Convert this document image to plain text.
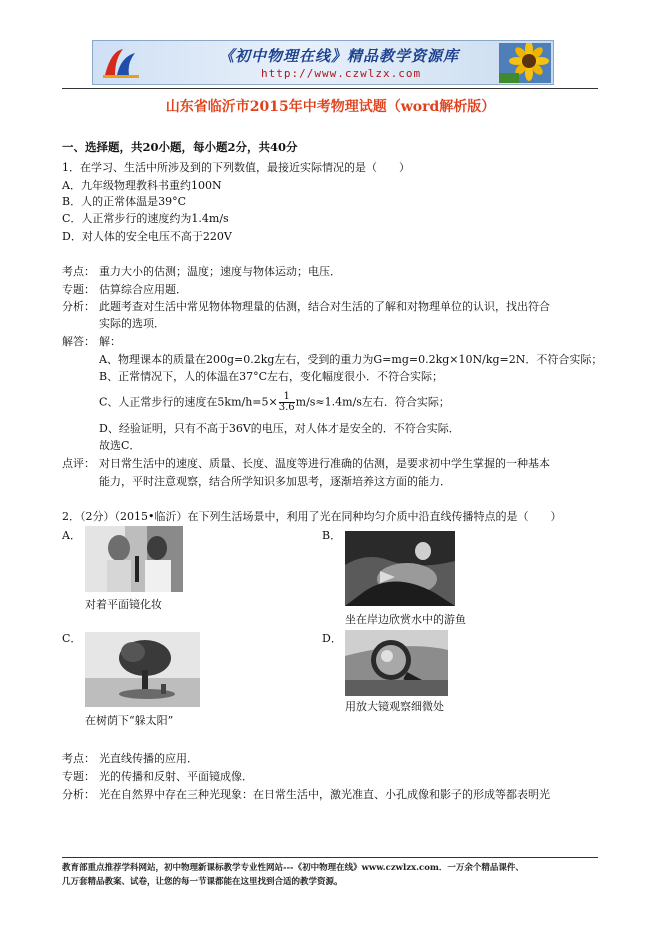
《初中物理在线》精品教学资源库
http://www.czwlzx.com
山东省临沂市2015年中考物理试题（word解析版）
一、选择题，共20小题，每小题2分，共40分
1．在学习、生活中所涉及到的下列数值，最接近实际情况的是（　　）
A．九年级物理教科书重约100N
B．人的正常体温是39°C
C．人正常步行的速度约为1.4m/s
D．对人体的安全电压不高于220V
考点： 重力大小的估测；温度；速度与物体运动；电压．
专题： 估算综合应用题．
分析： 此题考查对生活中常见物体物理量的估测，结合对生活的了解和对物理单位的认识，找出符合
实际的选项．
解答： 解：
A、物理课本的质量在200g=0.2kg左右，受到的重力为G=mg=0.2kg×10N/kg=2N．不符合实际；
B、正常情况下，人的体温在37°C左右，变化幅度很小．不符合实际；
C、人正常步行的速度在$5km/h=5\times \frac{1}{3.6} m/s\approx 1.4m/s$左右．符合实际；
D、经验证明，只有不高于36V的电压，对人体才是安全的．不符合实际．
故选C．
点评： 对日常生活中的速度、质量、长度、温度等进行准确的估测，是要求初中学生掌握的一种基本
能力，平时注意观察，结合所学知识多加思考，逐渐培养这方面的能力．
2．（2分）（2015•临沂）在下列生活场景中，利用了光在同种均匀介质中沿直线传播特点的是（　　）
A．
对着平面镜化妆
B．
坐在岸边欣赏水中的游鱼
C．
在树荫下“躲太阳”
D．
用放大镜观察细微处
考点： 光直线传播的应用．
专题： 光的传播和反射、平面镜成像．
分析： 光在自然界中存在三种光现象：在日常生活中，激光准直、小孔成像和影子的形成等都表明光
教育部重点推荐学科网站，初中物理新课标教学专业性网站---《初中物理在线》www.czwlzx.com．一万余个精品课件、
几万套精品教案、试卷，让您的每一节课都能在这里找到合适的教学资源。
